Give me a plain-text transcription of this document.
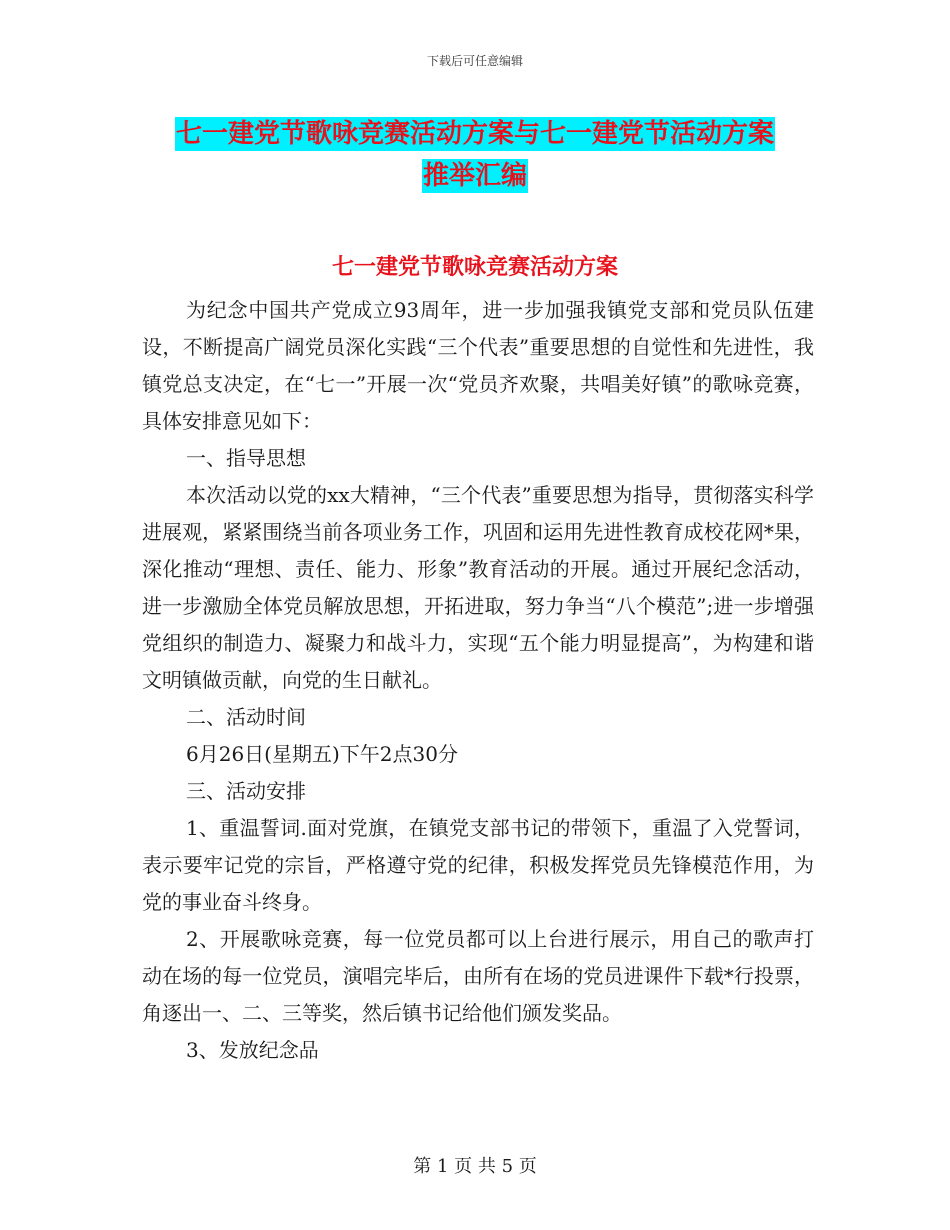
下载后可任意编辑
七一建党节歌咏竞赛活动方案与七一建党节活动方案
推举汇编
七一建党节歌咏竞赛活动方案

为纪念中国共产党成立93周年，进一步加强我镇党支部和党员队伍建设，不断提高广阔党员深化实践“三个代表”重要思想的自觉性和先进性，我镇党总支决定，在“七一”开展一次“党员齐欢聚，共唱美好镇”的歌咏竞赛，具体安排意见如下：

一、指导思想

本次活动以党的xx大精神，“三个代表”重要思想为指导，贯彻落实科学进展观，紧紧围绕当前各项业务工作，巩固和运用先进性教育成校花网*果，深化推动“理想、责任、能力、形象”教育活动的开展。通过开展纪念活动，进一步激励全体党员解放思想，开拓进取，努力争当“八个模范”;进一步增强党组织的制造力、凝聚力和战斗力，实现“五个能力明显提高”，为构建和谐文明镇做贡献，向党的生日献礼。

二、活动时间

6月26日(星期五)下午2点30分

三、活动安排

1、重温誓词.面对党旗，在镇党支部书记的带领下，重温了入党誓词，表示要牢记党的宗旨，严格遵守党的纪律，积极发挥党员先锋模范作用，为党的事业奋斗终身。

2、开展歌咏竞赛，每一位党员都可以上台进行展示，用自己的歌声打动在场的每一位党员，演唱完毕后，由所有在场的党员进课件下载*行投票，角逐出一、二、三等奖，然后镇书记给他们颁发奖品。

3、发放纪念品

第 1 页 共 5 页
